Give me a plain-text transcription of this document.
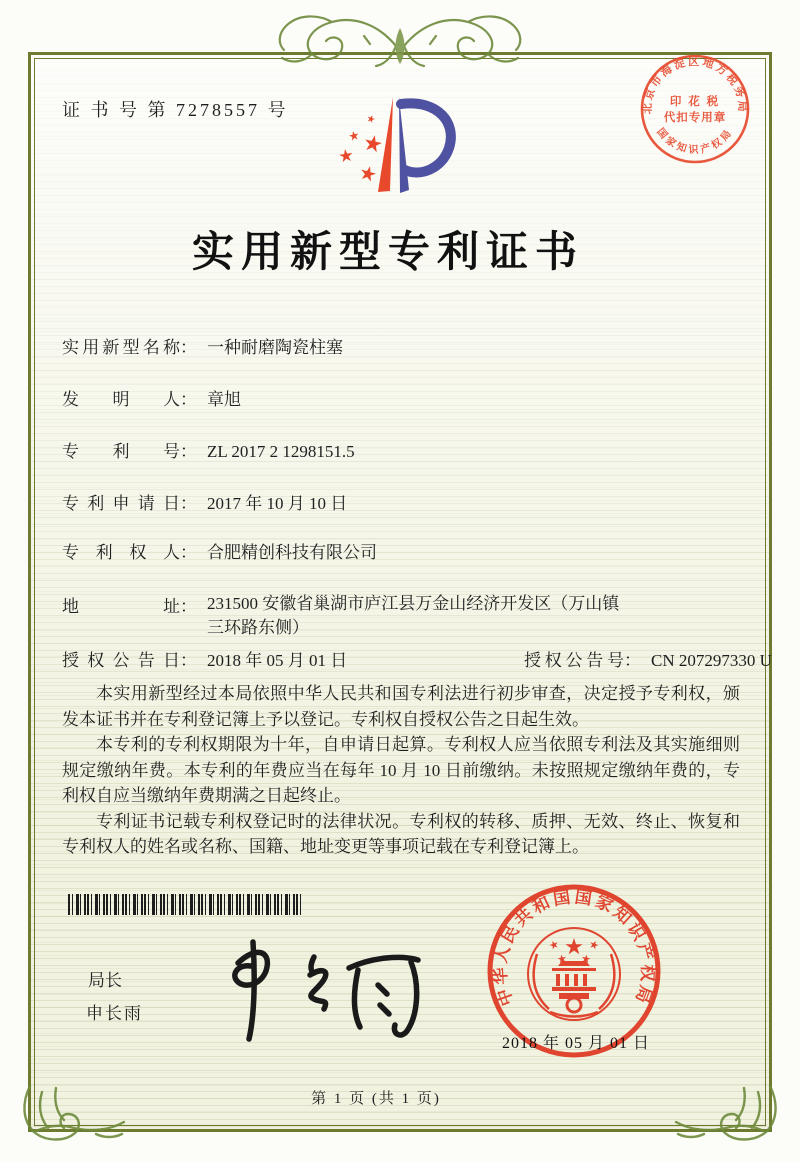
证 书 号 第 7278557 号	北京市海淀区地方税务局
国家知识产权局
印 花 税
代扣专用章
实用新型专利证书
实用新型名称： 一种耐磨陶瓷柱塞
发明人： 章旭
专利号： ZL 2017 2 1298151.5
专利申请日： 2017 年 10 月 10 日
专利权人： 合肥精创科技有限公司
地址： 231500 安徽省巢湖市庐江县万金山经济开发区（万山镇
三环路东侧）
授权公告日： 2018 年 05 月 01 日	授权公告号： CN 207297330 U

本实用新型经过本局依照中华人民共和国专利法进行初步审查，决定授予专利权，颁发本证书并在专利登记簿上予以登记。专利权自授权公告之日起生效。

本专利的专利权期限为十年，自申请日起算。专利权人应当依照专利法及其实施细则规定缴纳年费。本专利的年费应当在每年 10 月 10 日前缴纳。未按照规定缴纳年费的，专利权自应当缴纳年费期满之日起终止。

专利证书记载专利权登记时的法律状况。专利权的转移、质押、无效、终止、恢复和专利权人的姓名或名称、国籍、地址变更等事项记载在专利登记簿上。

局长
申长雨
中华人民共和国国家知识产权局
2018 年 05 月 01 日
第 1 页 (共 1 页)
